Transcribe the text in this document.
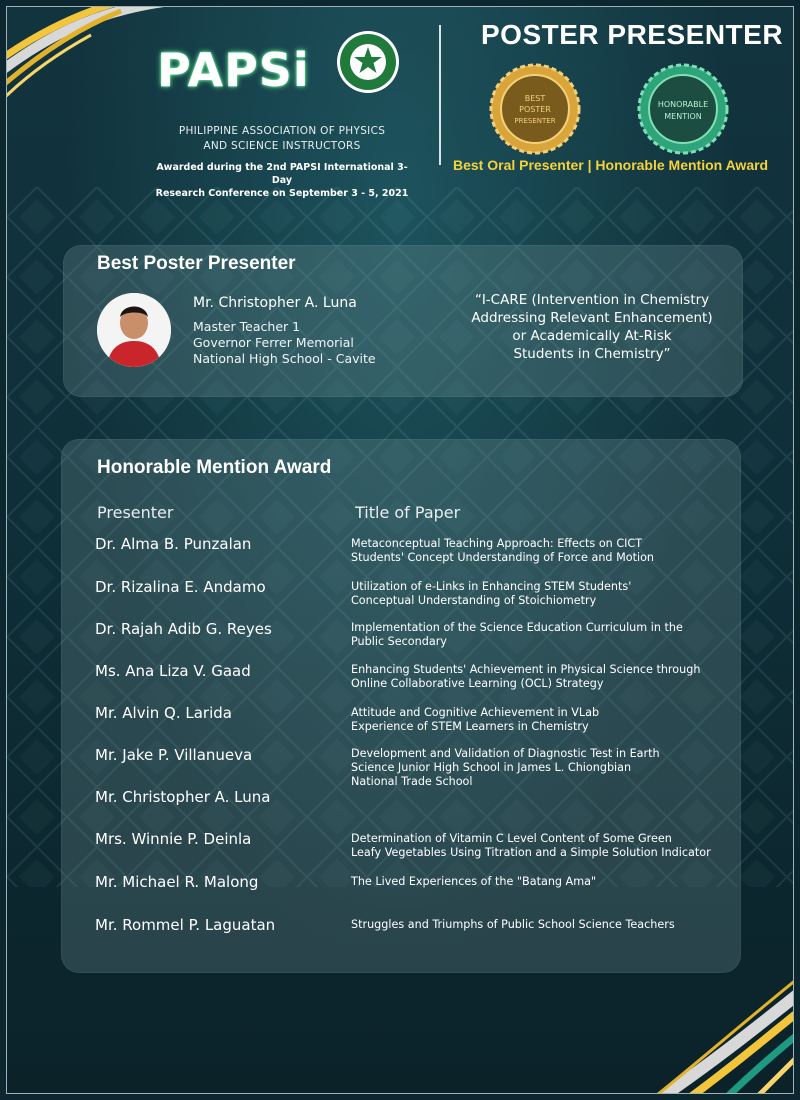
PAPSi
PHILIPPINE ASSOCIATION OF PHYSICS AND SCIENCE INSTRUCTORS
Awarded during the 2nd PAPSI International 3-Day
Research Conference on September 3 - 5, 2021
POSTER PRESENTER
BEST
POSTER
PRESENTER
HONORABLE
MENTION
Best Oral Presenter | Honorable Mention Award
Best Poster Presenter
Mr. Christopher A. Luna
Master Teacher 1
Governor Ferrer Memorial
National High School - Cavite
“I-CARE (Intervention in Chemistry
Addressing Relevant Enhancement)
or Academically At-Risk
Students in Chemistry”
Honorable Mention Award
Presenter	Title of Paper
Dr. Alma B. Punzalan	Metaconceptual Teaching Approach: Effects on CICT
Students' Concept Understanding of Force and Motion
Dr. Rizalina E. Andamo	Utilization of e-Links in Enhancing STEM Students'
Conceptual Understanding of Stoichiometry
Dr. Rajah Adib G. Reyes	Implementation of the Science Education Curriculum in the
Public Secondary
Ms. Ana Liza V. Gaad	Enhancing Students' Achievement in Physical Science through
Online Collaborative Learning (OCL) Strategy
Mr. Alvin Q. Larida	Attitude and Cognitive Achievement in VLab
Experience of STEM Learners in Chemistry
Mr. Jake P. Villanueva	Development and Validation of Diagnostic Test in Earth
Science Junior High School in James L. Chiongbian
National Trade School
Mr. Christopher A. Luna
Mrs. Winnie P. Deinla	Determination of Vitamin C Level Content of Some Green
Leafy Vegetables Using Titration and a Simple Solution Indicator
Mr. Michael R. Malong	The Lived Experiences of the "Batang Ama"
Mr. Rommel P. Laguatan	Struggles and Triumphs of Public School Science Teachers
